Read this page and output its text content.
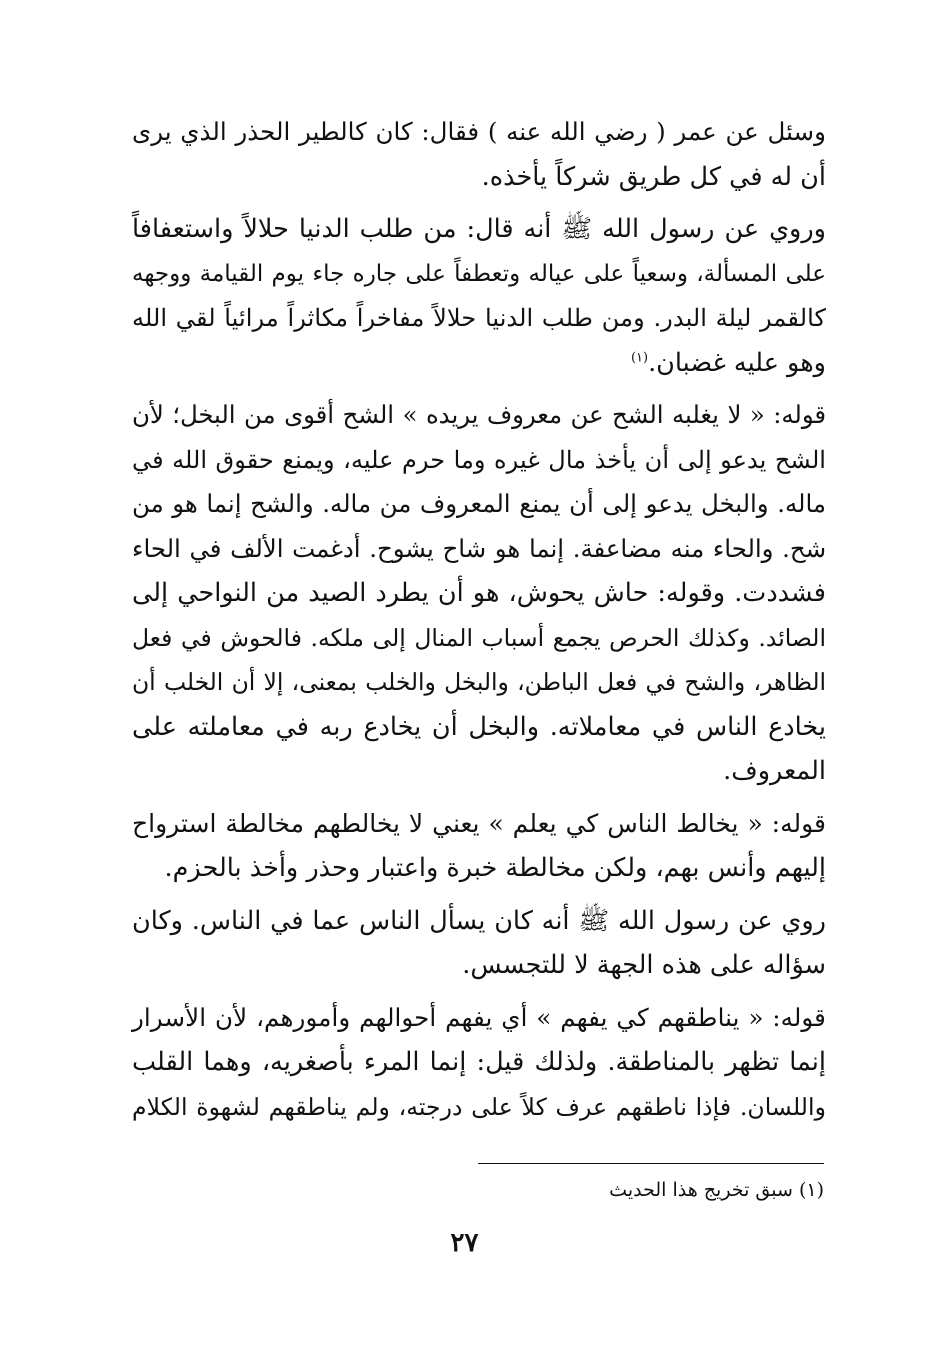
وسئل عن عمر ( رضي الله عنه ) فقال: كان كالطير الحذر الذي يرى
أن له في كل طريق شركاً يأخذه.

وروي عن رسول الله ﷺ أنه قال: من طلب الدنيا حلالاً واستعفافاً
على المسألة، وسعياً على عياله وتعطفاً على جاره جاء يوم القيامة ووجهه
كالقمر ليلة البدر. ومن طلب الدنيا حلالاً مفاخراً مكاثراً مرائياً لقي الله
وهو عليه غضبان.$^{(١)}$

قوله: « لا يغلبه الشح عن معروف يريده » الشح أقوى من البخل؛ لأن
الشح يدعو إلى أن يأخذ مال غيره وما حرم عليه، ويمنع حقوق الله في
ماله. والبخل يدعو إلى أن يمنع المعروف من ماله. والشح إنما هو من
شح. والحاء منه مضاعفة. إنما هو شاح يشوح. أدغمت الألف في الحاء
فشددت. وقوله: حاش يحوش، هو أن يطرد الصيد من النواحي إلى
الصائد. وكذلك الحرص يجمع أسباب المنال إلى ملكه. فالحوش في فعل
الظاهر، والشح في فعل الباطن، والبخل والخلب بمعنى، إلا أن الخلب أن
يخادع الناس في معاملاته. والبخل أن يخادع ربه في معاملته على
المعروف.

قوله: « يخالط الناس كي يعلم » يعني لا يخالطهم مخالطة استرواح
إليهم وأنس بهم، ولكن مخالطة خبرة واعتبار وحذر وأخذ بالحزم.

روي عن رسول الله ﷺ أنه كان يسأل الناس عما في الناس. وكان
سؤاله على هذه الجهة لا للتجسس.

قوله: « يناطقهم كي يفهم » أي يفهم أحوالهم وأمورهم، لأن الأسرار
إنما تظهر بالمناطقة. ولذلك قيل: إنما المرء بأصغريه، وهما القلب
واللسان. فإذا ناطقهم عرف كلاً على درجته، ولم يناطقهم لشهوة الكلام

(١) سبق تخريج هذا الحديث
٢٧
